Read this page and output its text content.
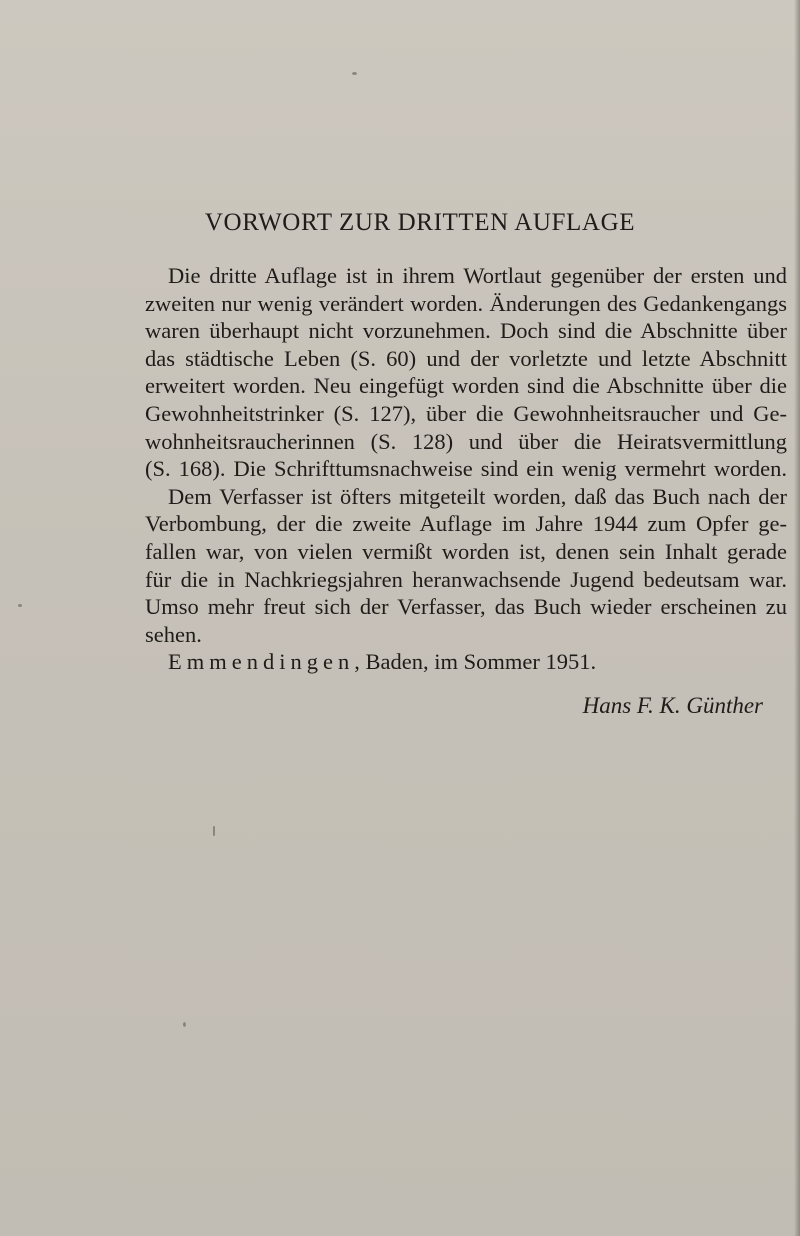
VORWORT ZUR DRITTEN AUFLAGE
Die dritte Auflage ist in ihrem Wortlaut gegenüber der ersten und
zweiten nur wenig verändert worden. Änderungen des Gedankengangs
waren überhaupt nicht vorzunehmen. Doch sind die Abschnitte über
das städtische Leben (S. 60) und der vorletzte und letzte Abschnitt
erweitert worden. Neu eingefügt worden sind die Abschnitte über die
Gewohnheitstrinker (S. 127), über die Gewohnheitsraucher und Ge-
wohnheitsraucherinnen (S. 128) und über die Heiratsvermittlung
(S. 168). Die Schrifttumsnachweise sind ein wenig vermehrt worden.
Dem Verfasser ist öfters mitgeteilt worden, daß das Buch nach der
Verbombung, der die zweite Auflage im Jahre 1944 zum Opfer ge-
fallen war, von vielen vermißt worden ist, denen sein Inhalt gerade
für die in Nachkriegsjahren heranwachsende Jugend bedeutsam war.
Umso mehr freut sich der Verfasser, das Buch wieder erscheinen zu
sehen.
Emmendingen, Baden, im Sommer 1951.
Hans F. K. Günther
